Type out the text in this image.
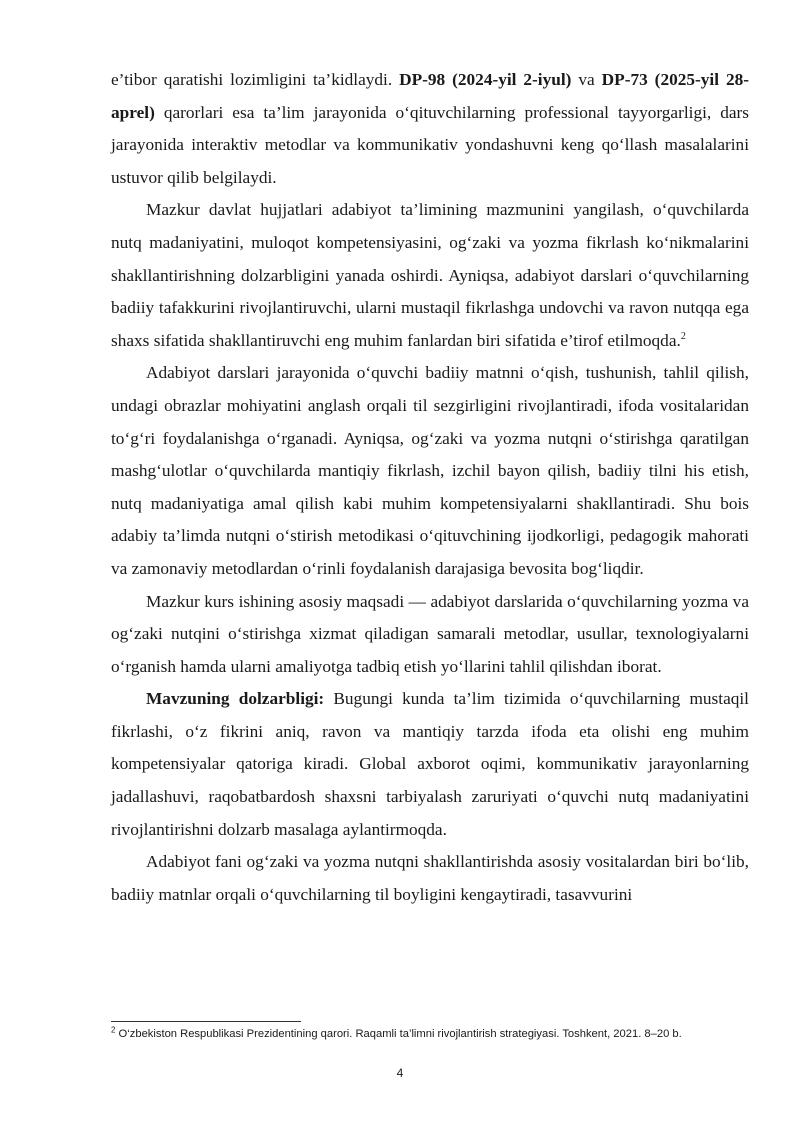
e’tibor qaratishi lozimligini ta’kidlaydi. DP-98 (2024-yil 2-iyul) va DP-73 (2025-yil 28-aprel) qarorlari esa ta’lim jarayonida o‘qituvchilarning professional tayyorgarligi, dars jarayonida interaktiv metodlar va kommunikativ yondashuvni keng qo‘llash masalalarini ustuvor qilib belgilaydi.

Mazkur davlat hujjatlari adabiyot ta’limining mazmunini yangilash, o‘quvchilarda nutq madaniyatini, muloqot kompetensiyasini, og‘zaki va yozma fikrlash ko‘nikmalarini shakllantirishning dolzarbligini yanada oshirdi. Ayniqsa, adabiyot darslari o‘quvchilarning badiiy tafakkurini rivojlantiruvchi, ularni mustaqil fikrlashga undovchi va ravon nutqqa ega shaxs sifatida shakllantiruvchi eng muhim fanlardan biri sifatida e’tirof etilmoqda.$^2$

Adabiyot darslari jarayonida o‘quvchi badiiy matnni o‘qish, tushunish, tahlil qilish, undagi obrazlar mohiyatini anglash orqali til sezgirligini rivojlantiradi, ifoda vositalaridan to‘g‘ri foydalanishga o‘rganadi. Ayniqsa, og‘zaki va yozma nutqni o‘stirishga qaratilgan mashg‘ulotlar o‘quvchilarda mantiqiy fikrlash, izchil bayon qilish, badiiy tilni his etish, nutq madaniyatiga amal qilish kabi muhim kompetensiyalarni shakllantiradi. Shu bois adabiy ta’limda nutqni o‘stirish metodikasi o‘qituvchining ijodkorligi, pedagogik mahorati va zamonaviy metodlardan o‘rinli foydalanish darajasiga bevosita bog‘liqdir.

Mazkur kurs ishining asosiy maqsadi — adabiyot darslarida o‘quvchilarning yozma va og‘zaki nutqini o‘stirishga xizmat qiladigan samarali metodlar, usullar, texnologiyalarni o‘rganish hamda ularni amaliyotga tadbiq etish yo‘llarini tahlil qilishdan iborat.

Mavzuning dolzarbligi: Bugungi kunda ta’lim tizimida o‘quvchilarning mustaqil fikrlashi, o‘z fikrini aniq, ravon va mantiqiy tarzda ifoda eta olishi eng muhim kompetensiyalar qatoriga kiradi. Global axborot oqimi, kommunikativ jarayonlarning jadallashuvi, raqobatbardosh shaxsni tarbiyalash zaruriyati o‘quvchi nutq madaniyatini rivojlantirishni dolzarb masalaga aylantirmoqda.

Adabiyot fani og‘zaki va yozma nutqni shakllantirishda asosiy vositalardan biri bo‘lib, badiiy matnlar orqali o‘quvchilarning til boyligini kengaytiradi, tasavvurini

$^2$ O‘zbekiston Respublikasi Prezidentining qarori. Raqamli ta’limni rivojlantirish strategiyasi. Toshkent, 2021. 8–20 b.
4
